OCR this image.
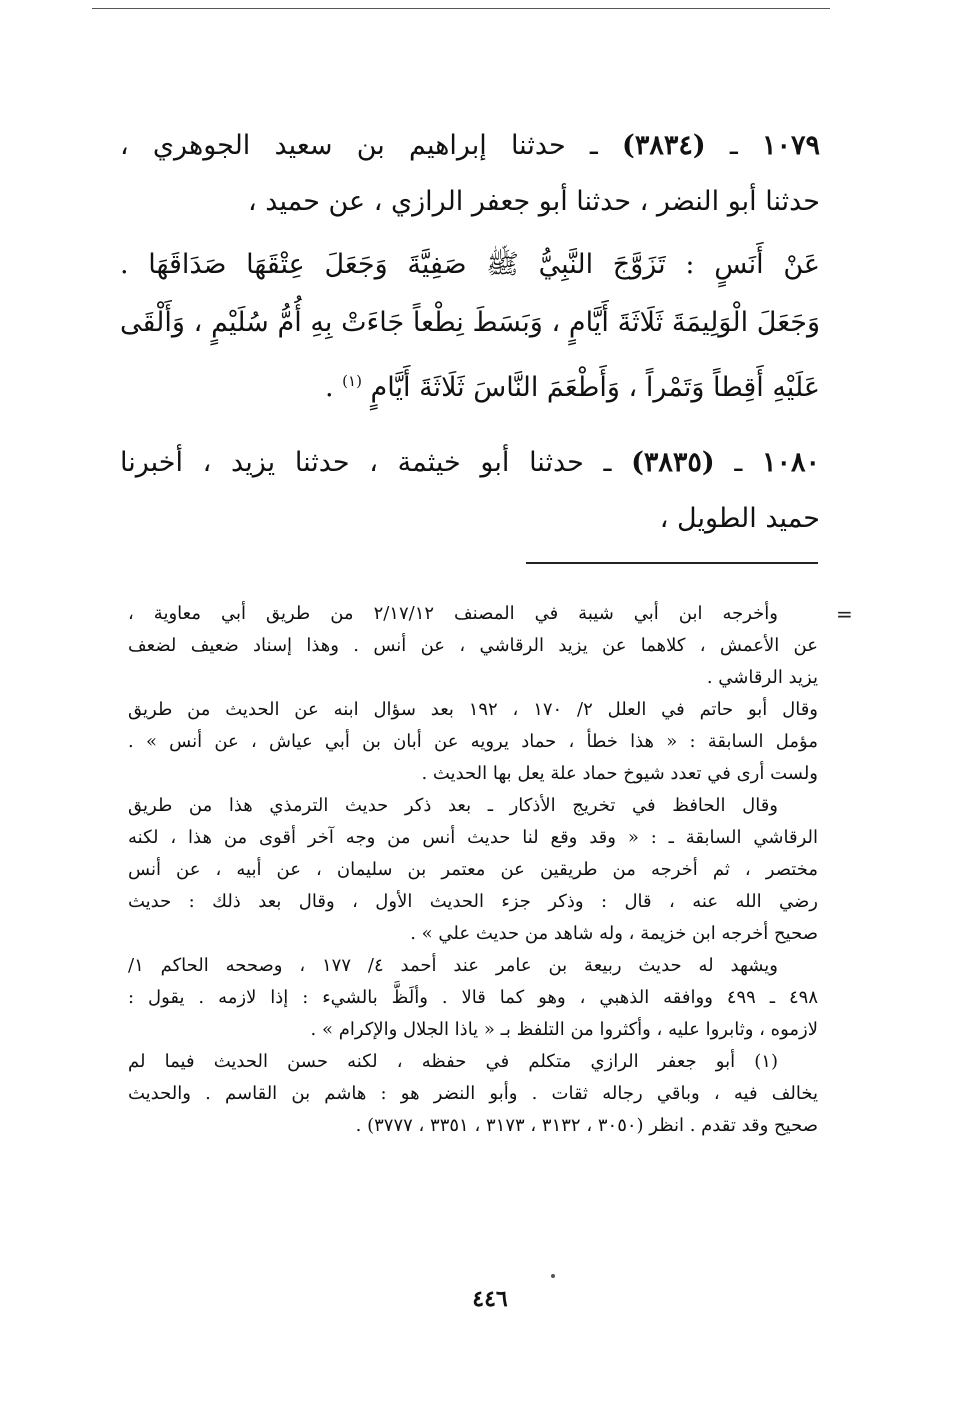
١٠٧٩ ـ (٣٨٣٤) ـ حدثنا إبراهيم بن سعيد الجوهري ،

حدثنا أبو النضر ، حدثنا أبو جعفر الرازي ، عن حميد ،

عَنْ أَنَسٍ : تَزَوَّجَ النَّبِيُّ ﷺ صَفِيَّةَ وَجَعَلَ عِتْقَهَا صَدَاقَهَا .

وَجَعَلَ الْوَلِيمَةَ ثَلَاثَةَ أَيَّامٍ ، وَبَسَطَ نِطْعاً جَاءَتْ بِهِ أُمُّ سُلَيْمٍ ، وَأَلْقَى

عَلَيْهِ أَقِطاً وَتَمْراً ، وَأَطْعَمَ النَّاسَ ثَلَاثَةَ أَيَّامٍ $^{(١)}$ .

١٠٨٠ ـ (٣٨٣٥) ـ حدثنا أبو خيثمة ، حدثنا يزيد ، أخبرنا

حميد الطويل ،

=

وأخرجه ابن أبي شيبة في المصنف ٢/١٧/١٢ من طريق أبي معاوية ،

عن الأعمش ، كلاهما عن يزيد الرقاشي ، عن أنس . وهذا إسناد ضعيف لضعف

يزيد الرقاشي .

وقال أبو حاتم في العلل ٢/ ١٧٠ ، ١٩٢ بعد سؤال ابنه عن الحديث من طريق

مؤمل السابقة : « هذا خطأ ، حماد يرويه عن أبان بن أبي عياش ، عن أنس » .

ولست أرى في تعدد شيوخ حماد علة يعل بها الحديث .

وقال الحافظ في تخريج الأذكار ـ بعد ذكر حديث الترمذي هذا من طريق

الرقاشي السابقة ـ : « وقد وقع لنا حديث أنس من وجه آخر أقوى من هذا ، لكنه

مختصر ، ثم أخرجه من طريقين عن معتمر بن سليمان ، عن أبيه ، عن أنس

رضي الله عنه ، قال : وذكر جزء الحديث الأول ، وقال بعد ذلك : حديث

صحيح أخرجه ابن خزيمة ، وله شاهد من حديث علي » .

ويشهد له حديث ربيعة بن عامر عند أحمد ٤/ ١٧٧ ، وصححه الحاكم ١/

٤٩٨ ـ ٤٩٩ ووافقه الذهبي ، وهو كما قالا . وألَظَّ بالشيء : إذا لازمه . يقول :

لازموه ، وثابروا عليه ، وأكثروا من التلفظ بـ « ياذا الجلال والإكرام » .

(١) أبو جعفر الرازي متكلم في حفظه ، لكنه حسن الحديث فيما لم

يخالف فيه ، وباقي رجاله ثقات . وأبو النضر هو : هاشم بن القاسم . والحديث

صحيح وقد تقدم . انظر (٣٠٥٠ ، ٣١٣٢ ، ٣١٧٣ ، ٣٣٥١ ، ٣٧٧٧) .

٤٤٦
